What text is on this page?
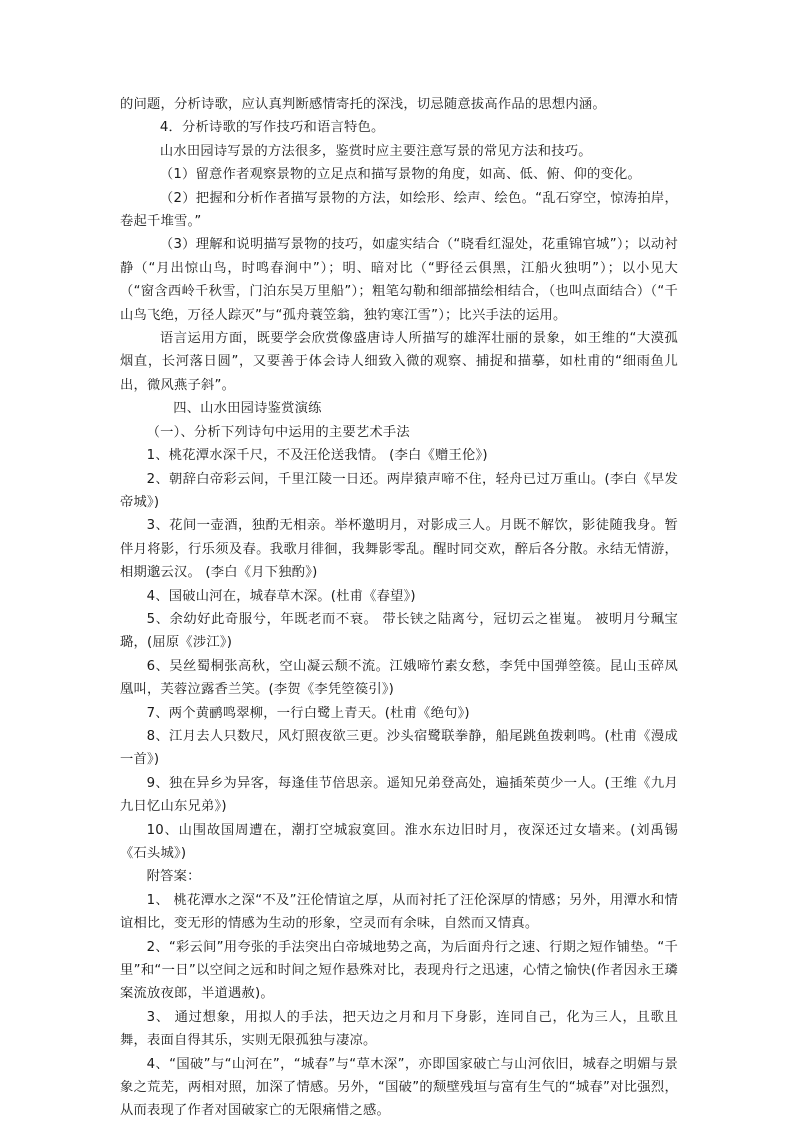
的问题，分析诗歌，应认真判断感情寄托的深浅，切忌随意拔高作品的思想内涵。

4．分析诗歌的写作技巧和语言特色。

山水田园诗写景的方法很多，鉴赏时应主要注意写景的常见方法和技巧。

（1）留意作者观察景物的立足点和描写景物的角度，如高、低、俯、仰的变化。

（2）把握和分析作者描写景物的方法，如绘形、绘声、绘色。“乱石穿空，惊涛拍岸，卷起千堆雪。”

（3）理解和说明描写景物的技巧，如虚实结合（“晓看红湿处，花重锦官城”）；以动衬静（“月出惊山鸟，时鸣春涧中”）；明、暗对比（“野径云俱黑，江船火独明”）；以小见大（“窗含西岭千秋雪，门泊东吴万里船”）；粗笔勾勒和细部描绘相结合，（也叫点面结合）（“千山鸟飞绝，万径人踪灭”与“孤舟蓑笠翁，独钓寒江雪”）；比兴手法的运用。

语言运用方面，既要学会欣赏像盛唐诗人所描写的雄浑壮丽的景象，如王维的“大漠孤烟直，长河落日圆”，又要善于体会诗人细致入微的观察、捕捉和描摹，如杜甫的“细雨鱼儿出，微风燕子斜”。

四、山水田园诗鉴赏演练

（一）、分析下列诗句中运用的主要艺术手法

1、桃花潭水深千尺，不及汪伦送我情。 (李白《赠王伦》)

2、朝辞白帝彩云间，千里江陵一日还。两岸猿声啼不住，轻舟已过万重山。(李白《早发帝城》)

3、花间一壶酒，独酌无相亲。举杯邀明月，对影成三人。月既不解饮，影徒随我身。暂伴月将影，行乐须及春。我歌月徘徊，我舞影零乱。醒时同交欢，醉后各分散。永结无情游，相期邈云汉。 (李白《月下独酌》)

4、国破山河在，城春草木深。(杜甫《春望》)

5、余幼好此奇服兮，年既老而不衰。 带长铗之陆离兮，冠切云之崔嵬。 被明月兮珮宝璐，(屈原《涉江》)

6、吴丝蜀桐张高秋，空山凝云颓不流。江娥啼竹素女愁，李凭中国弹箜篌。昆山玉碎凤凰叫，芙蓉泣露香兰笑。(李贺《李凭箜篌引》)

7、两个黄鹂鸣翠柳，一行白鹭上青天。(杜甫《绝句》)

8、江月去人只数尺，风灯照夜欲三更。沙头宿鹭联拳静，船尾跳鱼拨剌鸣。(杜甫《漫成一首》)

9、独在异乡为异客，每逢佳节倍思亲。遥知兄弟登高处，遍插茱萸少一人。(王维《九月九日忆山东兄弟》)

10、山围故国周遭在，潮打空城寂寞回。淮水东边旧时月，夜深还过女墙来。(刘禹锡《石头城》)

附答案：

1、 桃花潭水之深“不及”汪伦情谊之厚，从而衬托了汪伦深厚的情感；另外，用潭水和情谊相比，变无形的情感为生动的形象，空灵而有余味，自然而又情真。

2、“彩云间”用夸张的手法突出白帝城地势之高，为后面舟行之速、行期之短作铺垫。“千里”和“一日”以空间之远和时间之短作悬殊对比，表现舟行之迅速，心情之愉快(作者因永王璘案流放夜郎，半道遇赦)。

3、 通过想象，用拟人的手法，把天边之月和月下身影，连同自己，化为三人，且歌且舞，表面自得其乐，实则无限孤独与凄凉。

4、“国破”与“山河在”，“城春”与“草木深”，亦即国家破亡与山河依旧，城春之明媚与景象之荒芜，两相对照，加深了情感。另外，“国破”的颓壁残垣与富有生气的“城春”对比强烈，从而表现了作者对国破家亡的无限痛惜之感。
